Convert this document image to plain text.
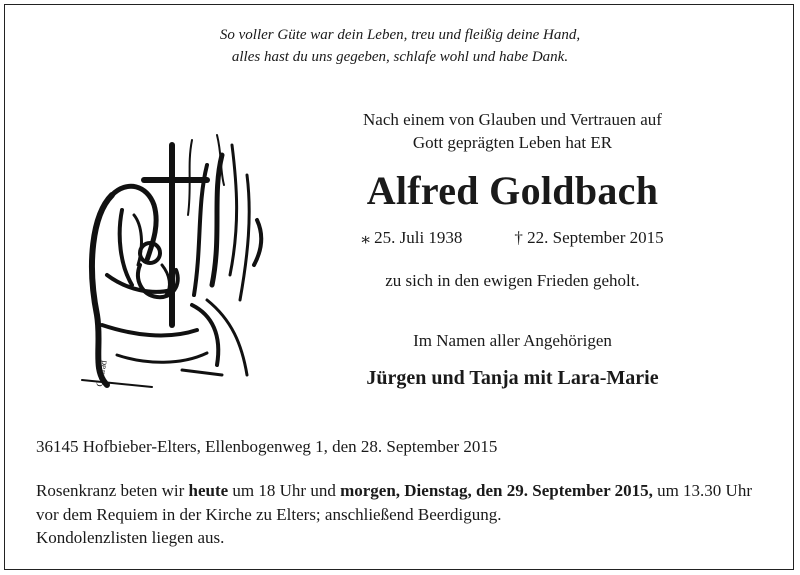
So voller Güte war dein Leben, treu und fleißig deine Hand,
alles hast du uns gegeben, schlafe wohl und habe Dank.
Conrad
Nach einem von Glauben und Vertrauen auf
Gott geprägten Leben hat ER
Alfred Goldbach
⁎ 25. Juli 1938	† 22. September 2015
zu sich in den ewigen Frieden geholt.
Im Namen aller Angehörigen
Jürgen und Tanja mit Lara-Marie
36145 Hofbieber-Elters, Ellenbogenweg 1, den 28. September 2015
Rosenkranz beten wir heute um 18 Uhr und morgen, Dienstag, den 29. September 2015, um 13.30 Uhr vor dem Requiem in der Kirche zu Elters; anschließend Beerdigung.
Kondolenzlisten liegen aus.
